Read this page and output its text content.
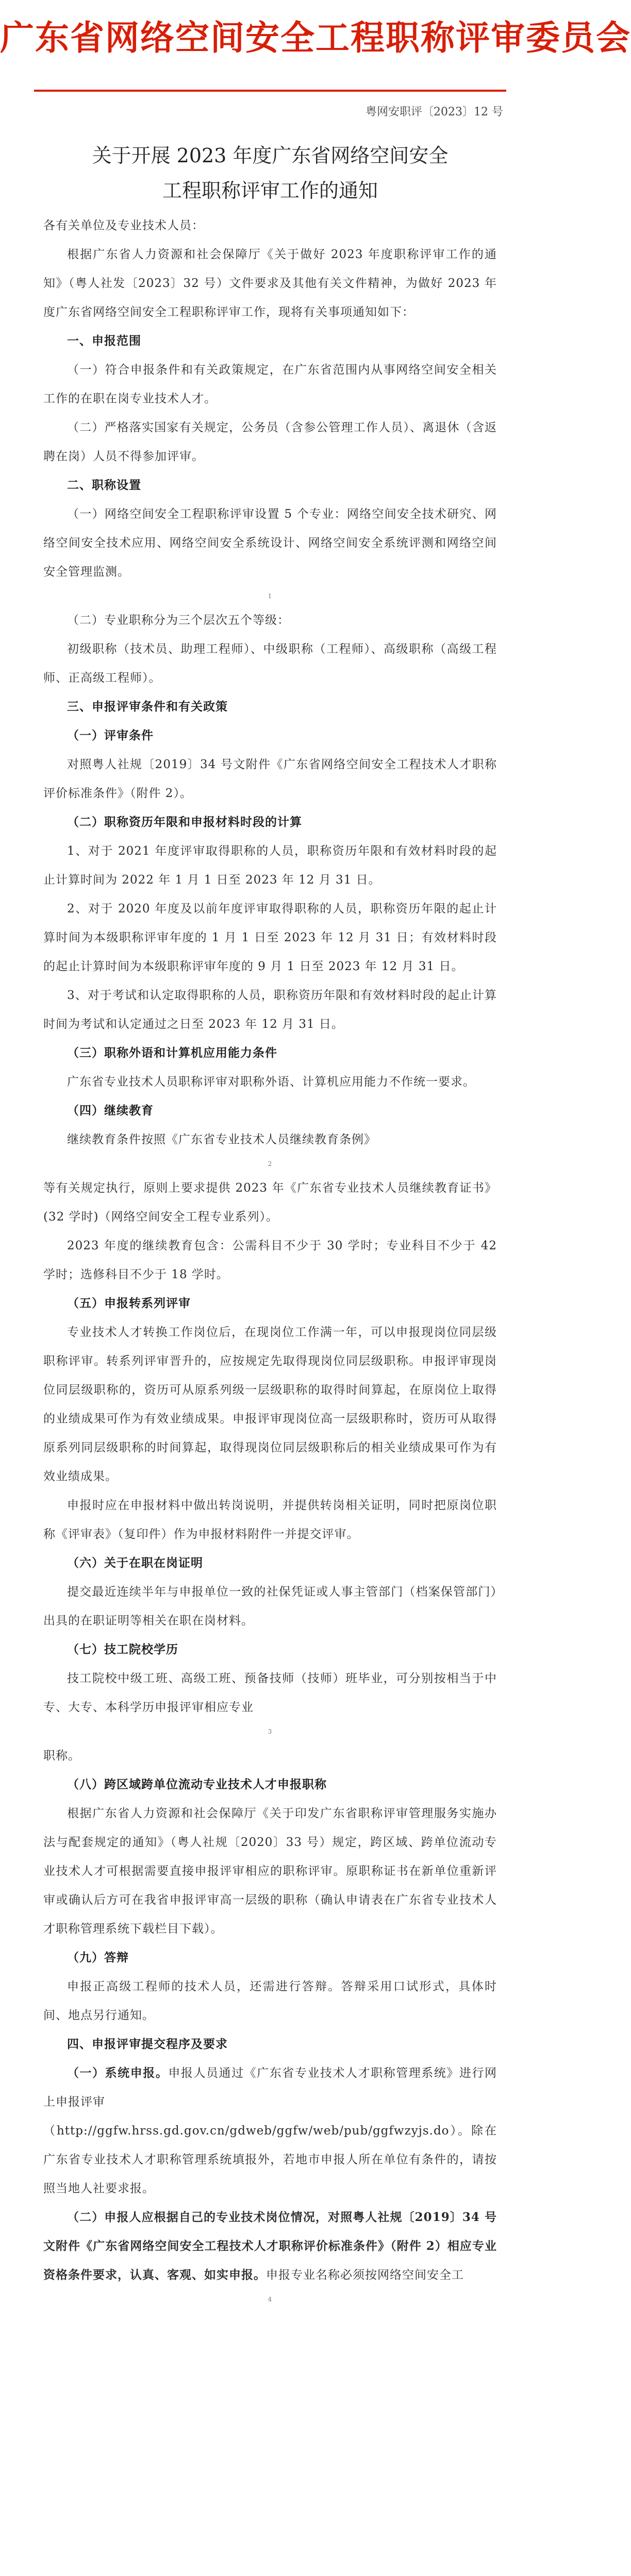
广东省网络空间安全工程职称评审委员会
粤网安职评〔2023〕12 号
关于开展 2023 年度广东省网络空间安全
工程职称评审工作的通知

各有关单位及专业技术人员：

根据广东省人力资源和社会保障厅《关于做好 2023 年度职称评审工作的通知》（粤人社发〔2023〕32 号）文件要求及其他有关文件精神，为做好 2023 年度广东省网络空间安全工程职称评审工作，现将有关事项通知如下：

一、申报范围

（一）符合申报条件和有关政策规定，在广东省范围内从事网络空间安全相关工作的在职在岗专业技术人才。

（二）严格落实国家有关规定，公务员（含参公管理工作人员）、离退休（含返聘在岗）人员不得参加评审。

二、职称设置

（一）网络空间安全工程职称评审设置 5 个专业：网络空间安全技术研究、网络空间安全技术应用、网络空间安全系统设计、网络空间安全系统评测和网络空间安全管理监测。

1

（二）专业职称分为三个层次五个等级：

初级职称（技术员、助理工程师）、中级职称（工程师）、高级职称（高级工程师、正高级工程师）。

三、申报评审条件和有关政策
（一）评审条件

对照粤人社规〔2019〕34 号文附件《广东省网络空间安全工程技术人才职称评价标准条件》（附件 2）。

（二）职称资历年限和申报材料时段的计算

1、对于 2021 年度评审取得职称的人员，职称资历年限和有效材料时段的起止计算时间为 2022 年 1 月 1 日至 2023 年 12 月 31 日。

2、对于 2020 年度及以前年度评审取得职称的人员，职称资历年限的起止计算时间为本级职称评审年度的 1 月 1 日至 2023 年 12 月 31 日；有效材料时段的起止计算时间为本级职称评审年度的 9 月 1 日至 2023 年 12 月 31 日。

3、对于考试和认定取得职称的人员，职称资历年限和有效材料时段的起止计算时间为考试和认定通过之日至 2023 年 12 月 31 日。

（三）职称外语和计算机应用能力条件

广东省专业技术人员职称评审对职称外语、计算机应用能力不作统一要求。

（四）继续教育

继续教育条件按照《广东省专业技术人员继续教育条例》

2

等有关规定执行，原则上要求提供 2023 年《广东省专业技术人员继续教育证书》(32 学时)（网络空间安全工程专业系列）。

2023 年度的继续教育包含：公需科目不少于 30 学时；专业科目不少于 42 学时；选修科目不少于 18 学时。

（五）申报转系列评审

专业技术人才转换工作岗位后，在现岗位工作满一年，可以申报现岗位同层级职称评审。转系列评审晋升的，应按规定先取得现岗位同层级职称。申报评审现岗位同层级职称的，资历可从原系列级一层级职称的取得时间算起，在原岗位上取得的业绩成果可作为有效业绩成果。申报评审现岗位高一层级职称时，资历可从取得原系列同层级职称的时间算起，取得现岗位同层级职称后的相关业绩成果可作为有效业绩成果。

申报时应在申报材料中做出转岗说明，并提供转岗相关证明，同时把原岗位职称《评审表》（复印件）作为申报材料附件一并提交评审。

（六）关于在职在岗证明

提交最近连续半年与申报单位一致的社保凭证或人事主管部门（档案保管部门）出具的在职证明等相关在职在岗材料。

（七）技工院校学历

技工院校中级工班、高级工班、预备技师（技师）班毕业，可分别按相当于中专、大专、本科学历申报评审相应专业

3

职称。

（八）跨区域跨单位流动专业技术人才申报职称

根据广东省人力资源和社会保障厅《关于印发广东省职称评审管理服务实施办法与配套规定的通知》（粤人社规〔2020〕33 号）规定，跨区域、跨单位流动专业技术人才可根据需要直接申报评审相应的职称评审。原职称证书在新单位重新评审或确认后方可在我省申报评审高一层级的职称（确认申请表在广东省专业技术人才职称管理系统下载栏目下载）。

（九）答辩

申报正高级工程师的技术人员，还需进行答辩。答辩采用口试形式，具体时间、地点另行通知。

四、申报评审提交程序及要求

（一）系统申报。申报人员通过《广东省专业技术人才职称管理系统》进行网上申报评审

（http://ggfw.hrss.gd.gov.cn/gdweb/ggfw/web/pub/ggfwzyjs.do）。除在广东省专业技术人才职称管理系统填报外，若地市申报人所在单位有条件的，请按照当地人社要求报。

（二）申报人应根据自己的专业技术岗位情况，对照粤人社规〔2019〕34 号文附件《广东省网络空间安全工程技术人才职称评价标准条件》（附件 2）相应专业资格条件要求，认真、客观、如实申报。申报专业名称必须按网络空间安全工

4
